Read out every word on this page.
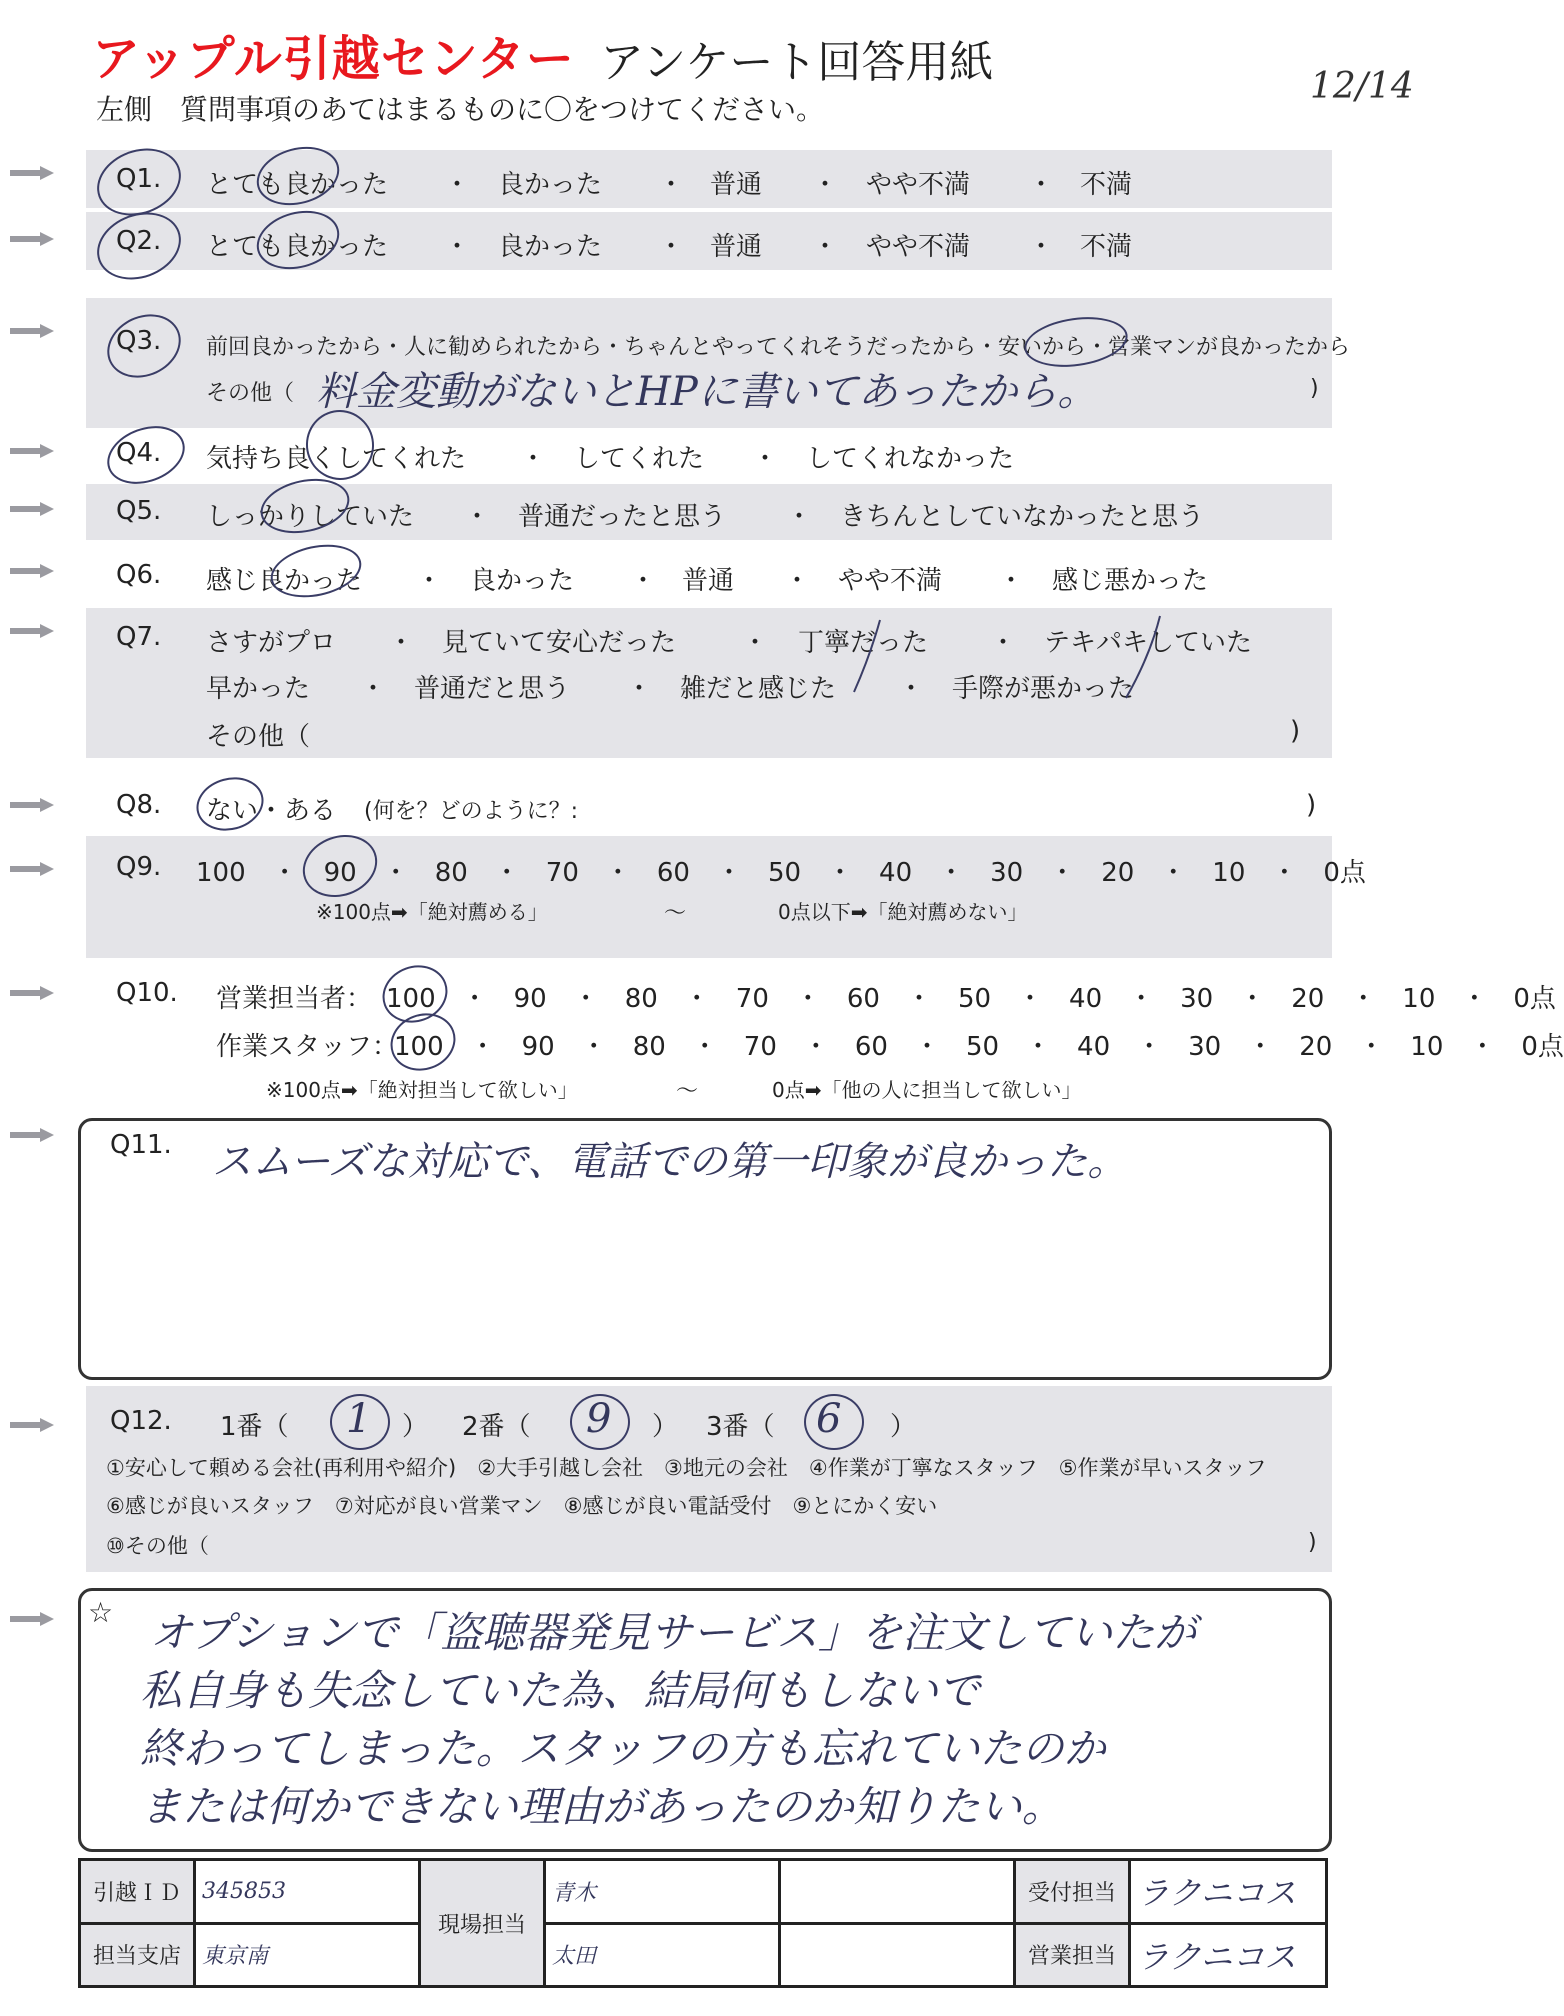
アップル引越センター アンケート回答用紙
左側　質問事項のあてはまるものに〇をつけてください。
12/14
Q1. とても良かった ・ 良かった ・ 普通 ・ やや不満 ・ 不満
Q2. とても良かった ・ 良かった ・ 普通 ・ やや不満 ・ 不満
Q3. 前回良かったから・人に勧められたから・ちゃんとやってくれそうだったから・安いから・営業マンが良かったから
その他（ 料金変動がないとHPに書いてあったから。	)
Q4. 気持ち良くしてくれた ・ してくれた ・ してくれなかった
Q5. しっかりしていた ・ 普通だったと思う ・ きちんとしていなかったと思う
Q6. 感じ良かった ・ 良かった ・ 普通 ・ やや不満 ・ 感じ悪かった
Q7. さすがプロ ・ 見ていて安心だった	・ 丁寧だった ・ テキパキしていた
早かった ・ 普通だと思う ・ 雑だと感じた ・ 手際が悪かった
その他（	)
Q8. ない・ある (何を？どのように？:	)
Q9. 100　・　90　・　80　・　70　・　60　・　50　・　40　・　30　・　20　・　10　・　0点
※100点➡「絶対薦める」	～	0点以下➡「絶対薦めない」
Q10. 営業担当者： 100　・　90　・　80　・　70　・　60　・　50　・　40　・　30　・　20　・　10　・　0点
作業スタッフ：
100　・　90　・　80　・　70　・　60　・　50　・　40　・　30　・　20　・　10　・　0点
※100点➡「絶対担当して欲しい」	～	0点➡「他の人に担当して欲しい」
Q11. スムーズな対応で、電話での第一印象が良かった。
Q12. 1番（ 1 ） 2番（ 9 ） 3番（ 6 ）
①安心して頼める会社(再利用や紹介)　②大手引越し会社　③地元の会社　④作業が丁寧なスタッフ　⑤作業が早いスタッフ
⑥感じが良いスタッフ　⑦対応が良い営業マン　⑧感じが良い電話受付　⑨とにかく安い
⑩その他（	)
☆ オプションで「盗聴器発見サービス」を注文していたが
私自身も失念していた為、結局何もしないで
終わってしまった。スタッフの方も忘れていたのか
または何かできない理由があったのか知りたい。
引越ＩＤ	345853	現場担当	青木		受付担当	ラクニコス
担当支店	東京南		太田		営業担当	ラクニコス
